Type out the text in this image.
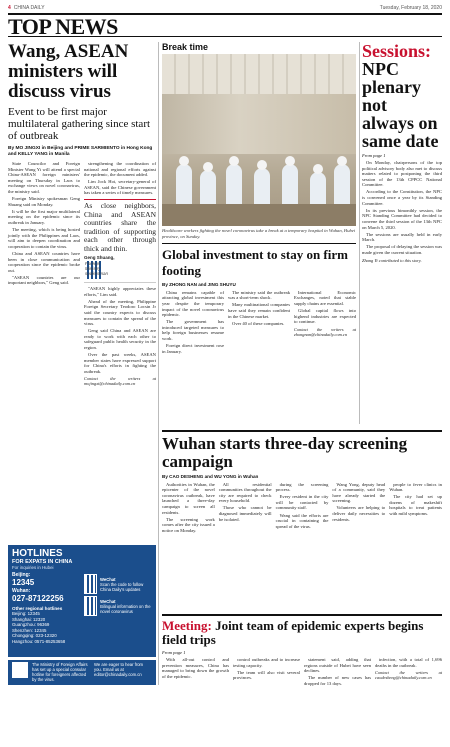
4 CHINA DAILY	Tuesday, February 18, 2020
TOP NEWS
Wang, ASEAN ministers will discuss virus
Event to be first major multilateral gathering since start of outbreak
By MO JINGXI in Beijing and PRIME SARMIENTO in Hong Kong and KELLY YANG in Manila

State Councilor and Foreign Minister Wang Yi will attend a special China-ASEAN foreign ministers' meeting on Thursday in Laos to exchange views on novel coronavirus, the ministry said.

Foreign Ministry spokesman Geng Shuang said on Monday.

It will be the first major multilateral meeting on the epidemic since its outbreak in January.

The meeting, which is being hosted jointly with the Philippines and Laos, will aim to deepen coordination and cooperation to contain the virus.

China and ASEAN countries have been in close communication and cooperation since the epidemic broke out.

"ASEAN countries are our important neighbors," Geng said.

strengthening the coordination of national and regional efforts against the epidemic, the document added.

Lim Jock Hoi, secretary-general of ASEAN, said the Chinese government has taken a series of timely measures.

As close neighbors, China and ASEAN countries share the tradition of supporting each other through thick and thin.
Geng Shuang,
Foreign Ministry spokesman

"ASEAN highly appreciates these efforts," Lim said.

Ahead of the meeting, Philippine Foreign Secretary Teodoro Locsin Jr said the country expects to discuss measures to contain the spread of the virus.

Geng said China and ASEAN are ready to work with each other to safeguard public health security in the region.

Over the past weeks, ASEAN member states have expressed support for China's efforts in fighting the outbreak.

Contact the writers at mojingxi@chinadaily.com.cn
HOTLINES
FOR EXPATS IN CHINA
For inquiries in Hubei
Beijing:
12345
Wuhan:
027-87122256
Other regional hotlines
Beijing: 12345
Shanghai: 12320
Guangzhou: 96369
Shenzhen: 12345
Chongqing: 023-12320
Hangzhou: 0571-85253658
WeChat
Scan the code to follow China Daily's updates
WeChat
Bilingual information on the novel coronavirus
The Ministry of Foreign Affairs has set up a special consular hotline for foreigners affected by the virus.
We are eager to hear from you. Email us at editor@chinadaily.com.cn
Break time
Healthcare workers fighting the novel coronavirus take a break at a temporary hospital in Wuhan, Hubei province, on Sunday.
Global investment to stay on firm footing
By ZHONG NAN and JING SHUYU

China remains capable of attracting global investment this year despite the temporary impact of the novel coronavirus epidemic.

The government has introduced targeted measures to help foreign businesses resume work.

Foreign direct investment rose in January.

The ministry said the outbreak was a short-term shock.

Many multinational companies have said they remain confident in the Chinese market.

Over 40 of these companies.

International Economic Exchanges, noted that stable supply chains are essential.

Global capital flows into highend industries are expected to continue.

Contact the writers at zhongnan@chinadaily.com.cn
Sessions: NPC plenary not always on same date
From page 1

On Monday, chairpersons of the top political advisory body also met to discuss matters related to postponing the third session of the 13th CPPCC National Committee.

According to the Constitution, the NPC is convened once a year by its Standing Committee.

In its previous bimonthly session, the NPC Standing Committee had decided to convene the third session of the 13th NPC on March 5, 2020.

The sessions are usually held in early March.

The proposal of delaying the session was made given the current situation.

Zhang Yi contributed to this story.
Wuhan starts three-day screening campaign
By CAO DESHENG and WU YONG in Wuhan

Authorities in Wuhan, the epicenter of the novel coronavirus outbreak, have launched a three-day campaign to screen all residents.

The screening work comes after the city issued a notice on Monday.

All residential communities throughout the city are required to check every household.

Those who cannot be diagnosed immediately will be isolated.

during the screening process.

Every resident in the city will be contacted by community staff.

Wang said the efforts are crucial in containing the spread of the virus.

Wang Yong, deputy head of a community, said they have already started the screening.

Volunteers are helping to deliver daily necessities to residents.

people to fever clinics in Wuhan.

The city had set up dozens of makeshift hospitals to treat patients with mild symptoms.

Meeting: Joint team of epidemic experts begins field trips
From page 1

With all-out control and prevention measures, China has managed to bring down the growth of the epidemic.

control outbreaks and to increase testing capacity.

The team will also visit several provinces.

statement said, adding that regions outside of Hubei have seen declines.

The number of new cases has dropped for 13 days.

infection, with a total of 1,696 deaths in the outbreak.

Contact the writers at caodesheng@chinadaily.com.cn
